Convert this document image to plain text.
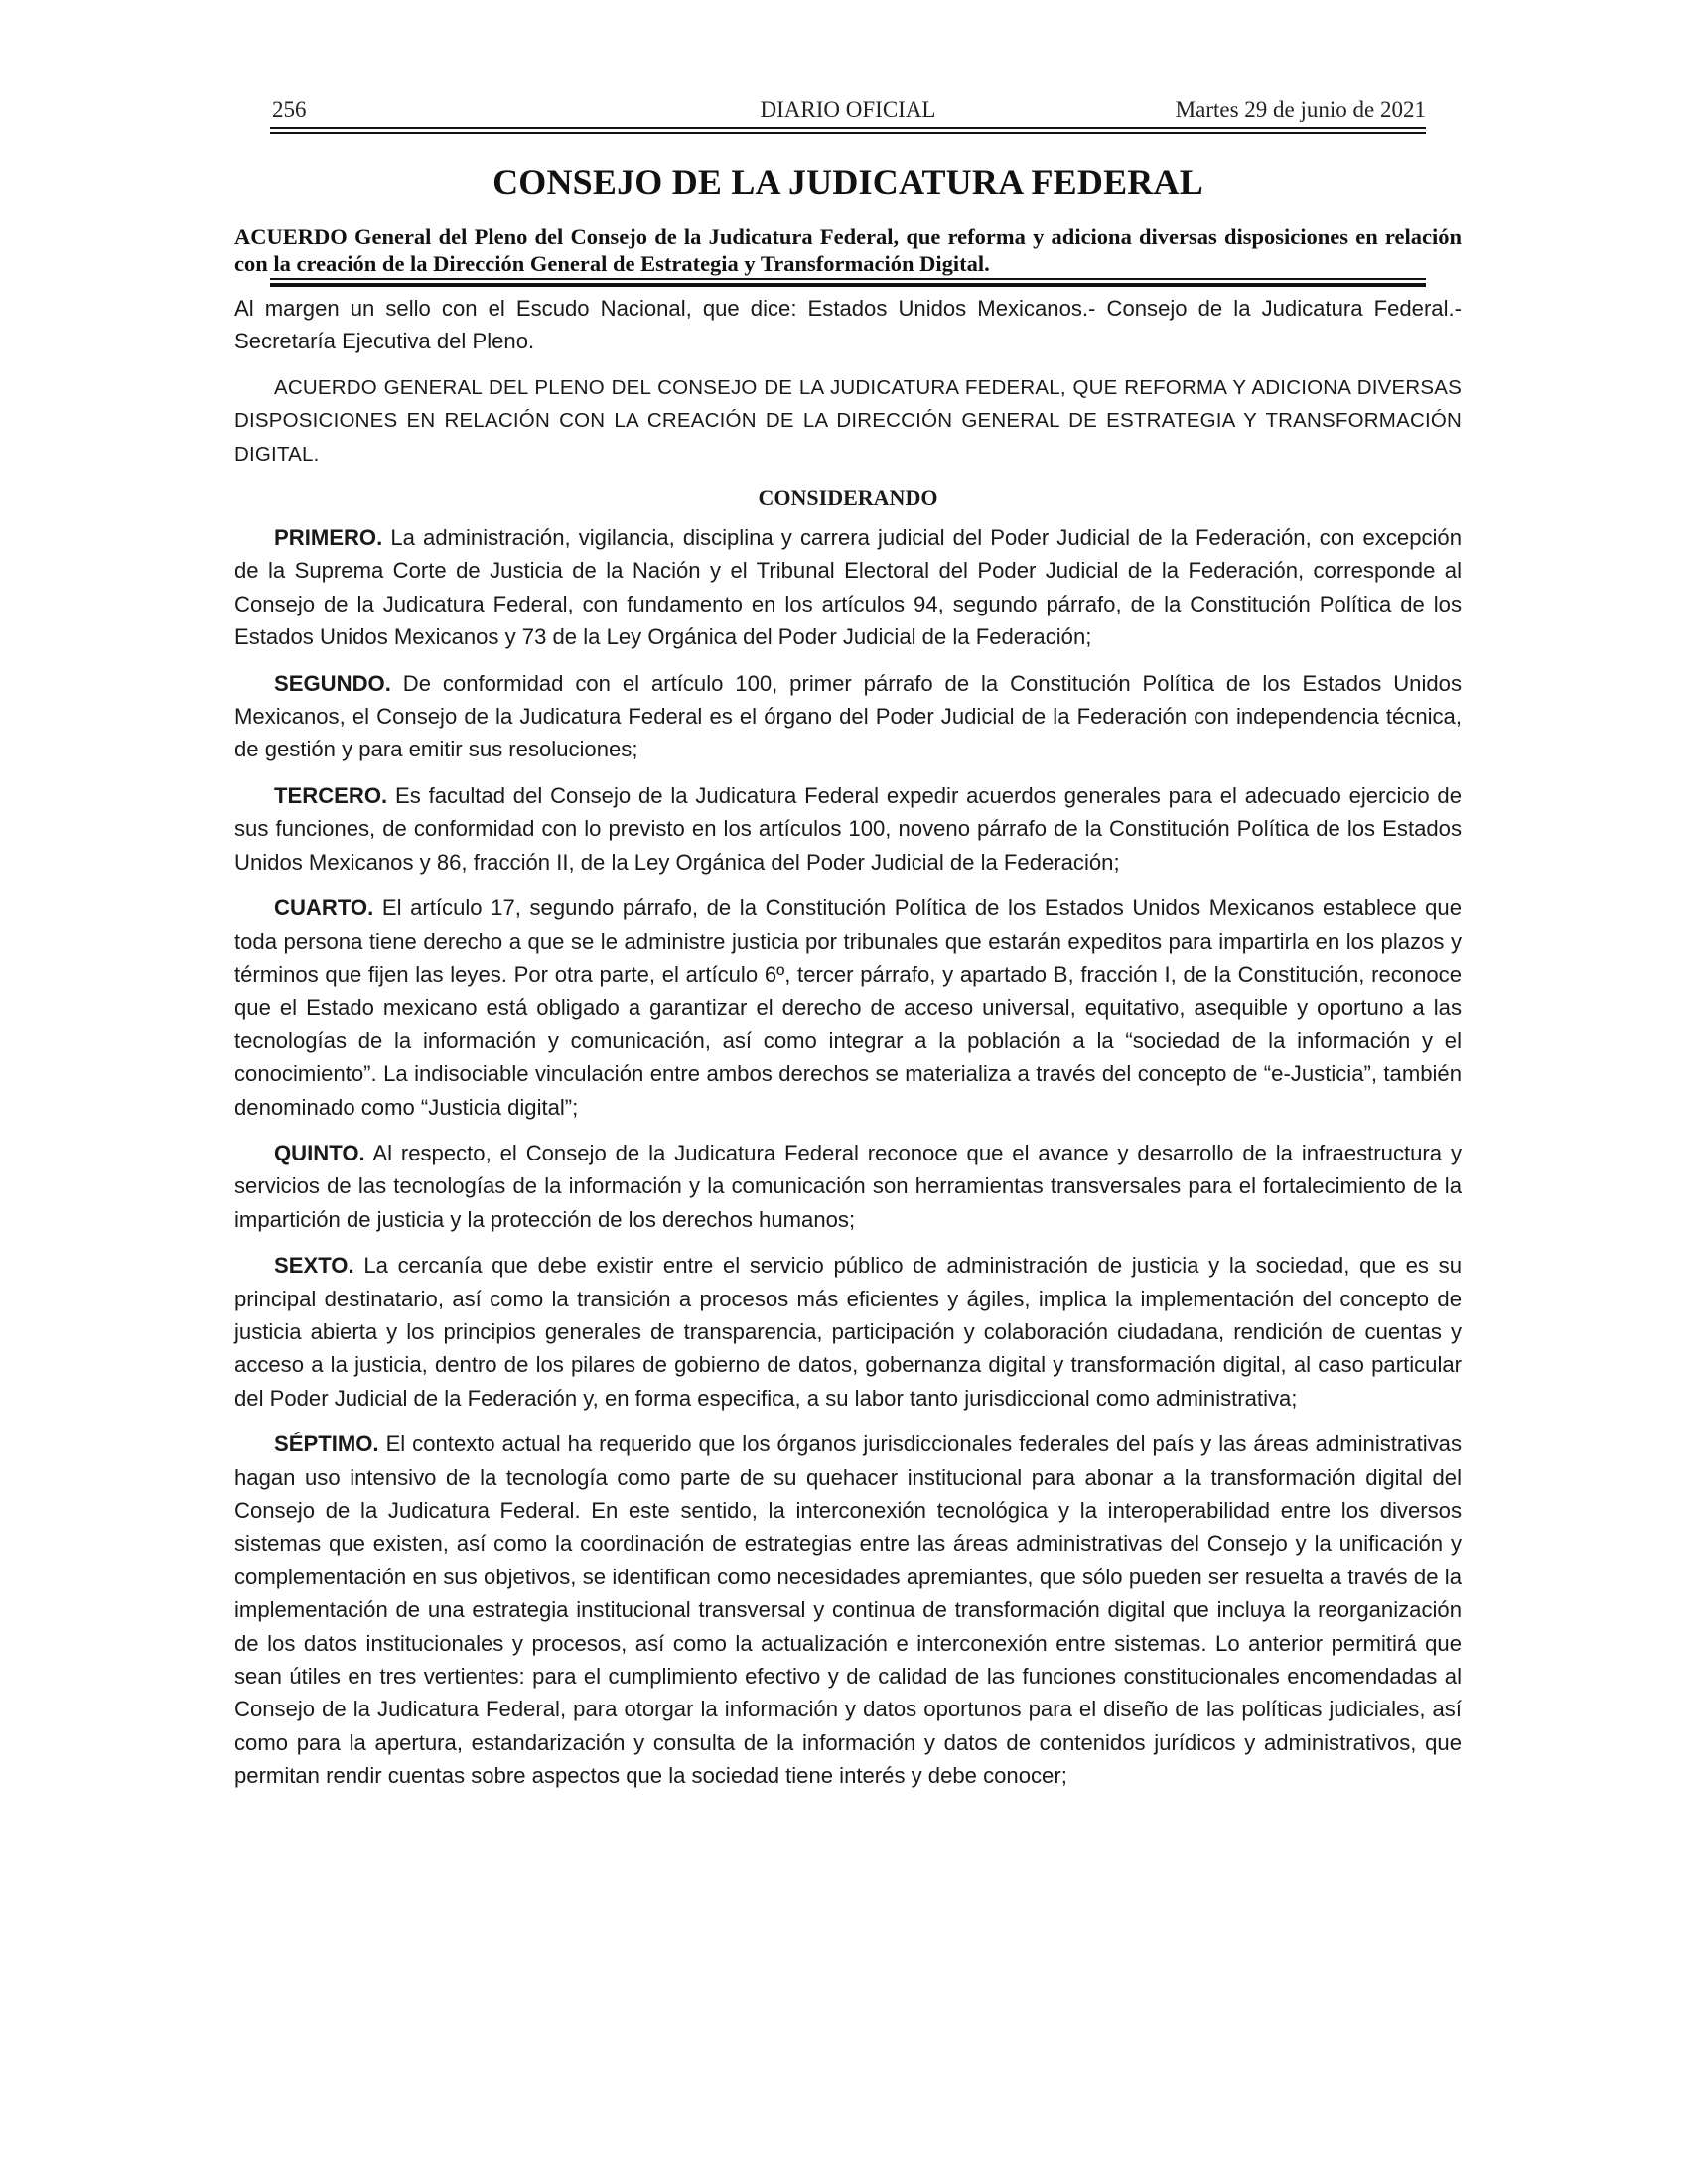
256	DIARIO OFICIAL	Martes 29 de junio de 2021
CONSEJO DE LA JUDICATURA FEDERAL
ACUERDO General del Pleno del Consejo de la Judicatura Federal, que reforma y adiciona diversas disposiciones en relación con la creación de la Dirección General de Estrategia y Transformación Digital.

Al margen un sello con el Escudo Nacional, que dice: Estados Unidos Mexicanos.- Consejo de la Judicatura Federal.- Secretaría Ejecutiva del Pleno.

ACUERDO GENERAL DEL PLENO DEL CONSEJO DE LA JUDICATURA FEDERAL, QUE REFORMA Y ADICIONA DIVERSAS DISPOSICIONES EN RELACIÓN CON LA CREACIÓN DE LA DIRECCIÓN GENERAL DE ESTRATEGIA Y TRANSFORMACIÓN DIGITAL.

CONSIDERANDO

PRIMERO. La administración, vigilancia, disciplina y carrera judicial del Poder Judicial de la Federación, con excepción de la Suprema Corte de Justicia de la Nación y el Tribunal Electoral del Poder Judicial de la Federación, corresponde al Consejo de la Judicatura Federal, con fundamento en los artículos 94, segundo párrafo, de la Constitución Política de los Estados Unidos Mexicanos y 73 de la Ley Orgánica del Poder Judicial de la Federación;

SEGUNDO. De conformidad con el artículo 100, primer párrafo de la Constitución Política de los Estados Unidos Mexicanos, el Consejo de la Judicatura Federal es el órgano del Poder Judicial de la Federación con independencia técnica, de gestión y para emitir sus resoluciones;

TERCERO. Es facultad del Consejo de la Judicatura Federal expedir acuerdos generales para el adecuado ejercicio de sus funciones, de conformidad con lo previsto en los artículos 100, noveno párrafo de la Constitución Política de los Estados Unidos Mexicanos y 86, fracción II, de la Ley Orgánica del Poder Judicial de la Federación;

CUARTO. El artículo 17, segundo párrafo, de la Constitución Política de los Estados Unidos Mexicanos establece que toda persona tiene derecho a que se le administre justicia por tribunales que estarán expeditos para impartirla en los plazos y términos que fijen las leyes. Por otra parte, el artículo 6º, tercer párrafo, y apartado B, fracción I, de la Constitución, reconoce que el Estado mexicano está obligado a garantizar el derecho de acceso universal, equitativo, asequible y oportuno a las tecnologías de la información y comunicación, así como integrar a la población a la “sociedad de la información y el conocimiento”. La indisociable vinculación entre ambos derechos se materializa a través del concepto de “e-Justicia”, también denominado como “Justicia digital”;

QUINTO. Al respecto, el Consejo de la Judicatura Federal reconoce que el avance y desarrollo de la infraestructura y servicios de las tecnologías de la información y la comunicación son herramientas transversales para el fortalecimiento de la impartición de justicia y la protección de los derechos humanos;

SEXTO. La cercanía que debe existir entre el servicio público de administración de justicia y la sociedad, que es su principal destinatario, así como la transición a procesos más eficientes y ágiles, implica la implementación del concepto de justicia abierta y los principios generales de transparencia, participación y colaboración ciudadana, rendición de cuentas y acceso a la justicia, dentro de los pilares de gobierno de datos, gobernanza digital y transformación digital, al caso particular del Poder Judicial de la Federación y, en forma especifica, a su labor tanto jurisdiccional como administrativa;

SÉPTIMO. El contexto actual ha requerido que los órganos jurisdiccionales federales del país y las áreas administrativas hagan uso intensivo de la tecnología como parte de su quehacer institucional para abonar a la transformación digital del Consejo de la Judicatura Federal. En este sentido, la interconexión tecnológica y la interoperabilidad entre los diversos sistemas que existen, así como la coordinación de estrategias entre las áreas administrativas del Consejo y la unificación y complementación en sus objetivos, se identifican como necesidades apremiantes, que sólo pueden ser resuelta a través de la implementación de una estrategia institucional transversal y continua de transformación digital que incluya la reorganización de los datos institucionales y procesos, así como la actualización e interconexión entre sistemas. Lo anterior permitirá que sean útiles en tres vertientes: para el cumplimiento efectivo y de calidad de las funciones constitucionales encomendadas al Consejo de la Judicatura Federal, para otorgar la información y datos oportunos para el diseño de las políticas judiciales, así como para la apertura, estandarización y consulta de la información y datos de contenidos jurídicos y administrativos, que permitan rendir cuentas sobre aspectos que la sociedad tiene interés y debe conocer;
